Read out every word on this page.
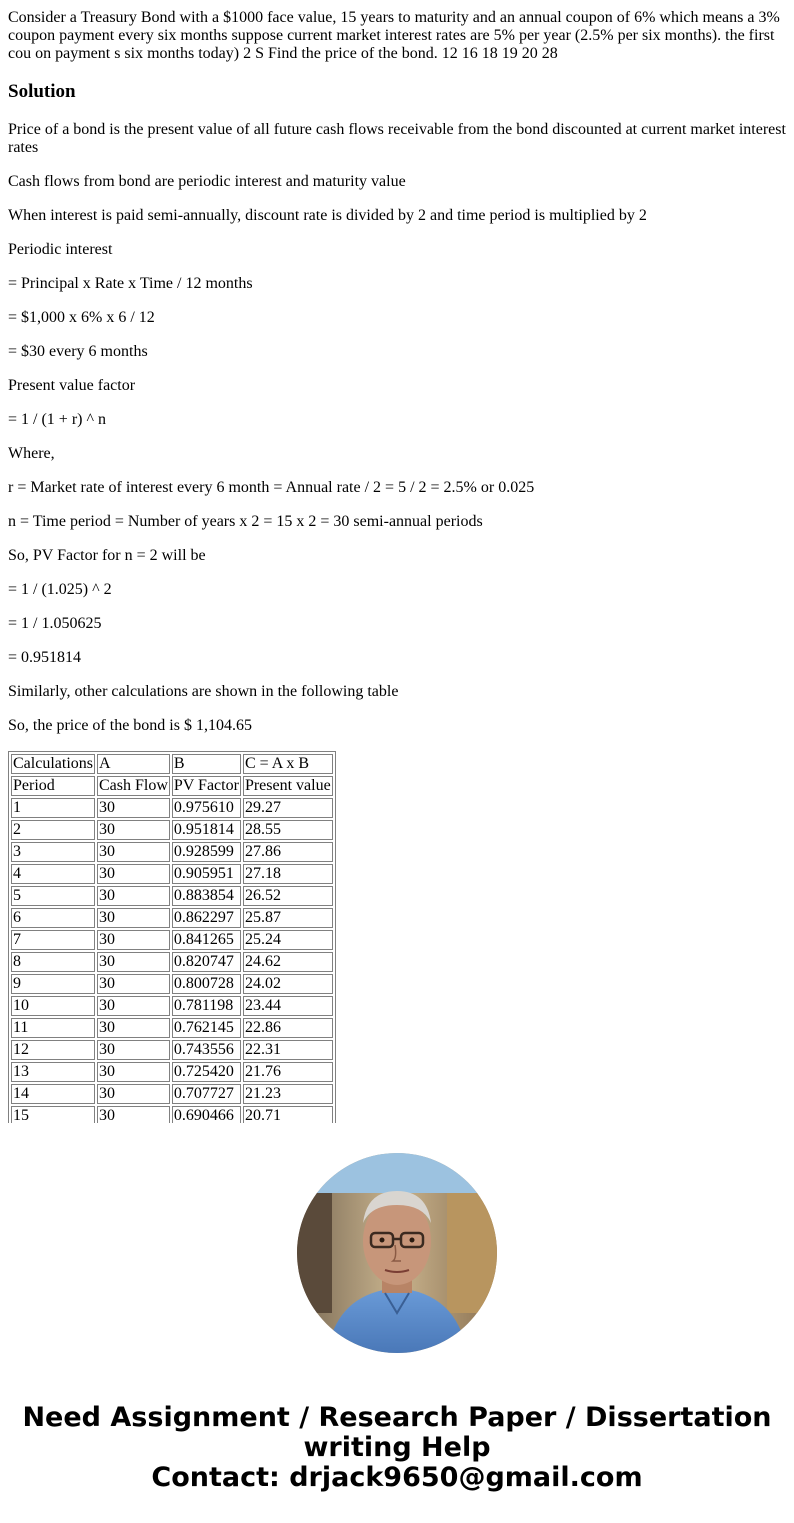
Consider a Treasury Bond with a $1000 face value, 15 years to maturity and an annual coupon of 6% which means a 3% coupon payment every six months suppose current market interest rates are 5% per year (2.5% per six months). the first cou on payment s six months today) 2 S Find the price of the bond. 12 16 18 19 20 28

Solution

Price of a bond is the present value of all future cash flows receivable from the bond discounted at current market interest rates

Cash flows from bond are periodic interest and maturity value

When interest is paid semi-annually, discount rate is divided by 2 and time period is multiplied by 2

Periodic interest

= Principal x Rate x Time / 12 months

= $1,000 x 6% x 6 / 12

= $30 every 6 months

Present value factor

= 1 / (1 + r) ^ n

Where,

r = Market rate of interest every 6 month = Annual rate / 2 = 5 / 2 = 2.5% or 0.025

n = Time period = Number of years x 2 = 15 x 2 = 30 semi-annual periods

So, PV Factor for n = 2 will be

= 1 / (1.025) ^ 2

= 1 / 1.050625

= 0.951814

Similarly, other calculations are shown in the following table

So, the price of the bond is $ 1,104.65

Calculations	A	B	C = A x B
Period	Cash Flow	PV Factor	Present value
1	30	0.975610	29.27
2	30	0.951814	28.55
3	30	0.928599	27.86
4	30	0.905951	27.18
5	30	0.883854	26.52
6	30	0.862297	25.87
7	30	0.841265	25.24
8	30	0.820747	24.62
9	30	0.800728	24.02
10	30	0.781198	23.44
11	30	0.762145	22.86
12	30	0.743556	22.31
13	30	0.725420	21.76
14	30	0.707727	21.23
15	30	0.690466	20.71
Need Assignment / Research Paper / Dissertation
writing Help
Contact: drjack9650@gmail.com
